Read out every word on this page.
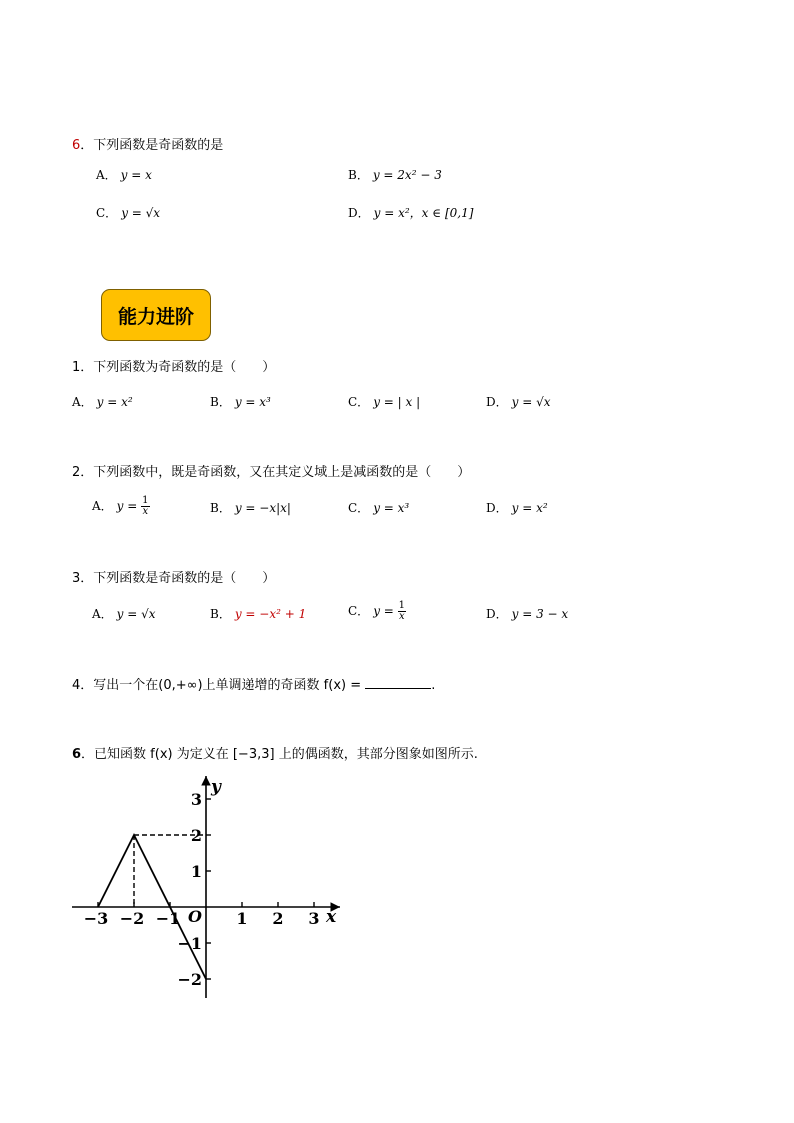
6．下列函数是奇函数的是
A． y = x	B． y = 2x² − 3
C． y = √x	D． y = x²，x ∈ [0,1]
能力进阶
1．下列函数为奇函数的是（　　）
A． y = x²	B． y = x³	C． y = | x |	D． y = √x
2．下列函数中，既是奇函数，又在其定义域上是减函数的是（　　）
A． $y = \frac{1}{x}$	B． y = −x|x|	C． y = x³	D． y = x²
3．下列函数是奇函数的是（　　）
A． y = √x	B． y = −x² + 1	C． $y = \frac{1}{x}$	D． y = 3 − x
4．写出一个在(0,+∞)上单调递增的奇函数 f(x) =	.
6．已知函数 f(x) 为定义在 [−3,3] 上的偶函数，其部分图象如图所示.
−3 −2 −1	1 2 3
3
2
1
−1
−2
y
x
O
